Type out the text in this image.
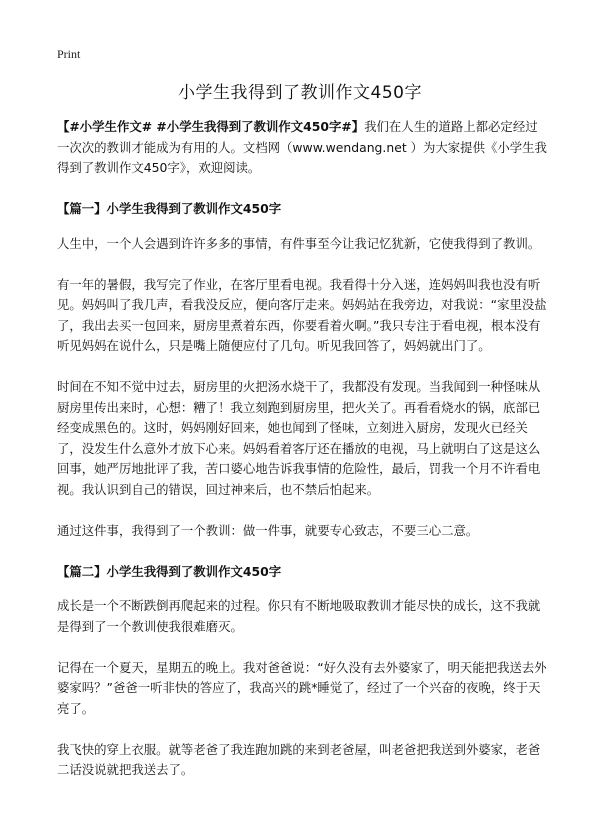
Print
小学生我得到了教训作文450字

【#小学生作文# #小学生我得到了教训作文450字#】我们在人生的道路上都必定经过一次次的教训才能成为有用的人。文档网（www.wendang.net ）为大家提供《小学生我得到了教训作文450字》，欢迎阅读。

【篇一】小学生我得到了教训作文450字

人生中，一个人会遇到许许多多的事情，有件事至今让我记忆犹新，它使我得到了教训。

有一年的暑假，我写完了作业，在客厅里看电视。我看得十分入迷，连妈妈叫我也没有听见。妈妈叫了我几声，看我没反应，便向客厅走来。妈妈站在我旁边，对我说：“家里没盐了，我出去买一包回来，厨房里煮着东西，你要看着火啊。”我只专注于看电视，根本没有听见妈妈在说什么，只是嘴上随便应付了几句。听见我回答了，妈妈就出门了。

时间在不知不觉中过去，厨房里的火把汤水烧干了，我都没有发现。当我闻到一种怪味从厨房里传出来时，心想：糟了！我立刻跑到厨房里，把火关了。再看看烧水的锅，底部已经变成黑色的。这时，妈妈刚好回来，她也闻到了怪味，立刻进入厨房，发现火已经关了，没发生什么意外才放下心来。妈妈看着客厅还在播放的电视，马上就明白了这是这么回事，她严厉地批评了我，苦口婆心地告诉我事情的危险性，最后，罚我一个月不许看电视。我认识到自己的错误，回过神来后，也不禁后怕起来。

通过这件事，我得到了一个教训：做一件事，就要专心致志，不要三心二意。

【篇二】小学生我得到了教训作文450字

成长是一个不断跌倒再爬起来的过程。你只有不断地吸取教训才能尽快的成长，这不我就是得到了一个教训使我很难磨灭。

记得在一个夏天，星期五的晚上。我对爸爸说：“好久没有去外婆家了，明天能把我送去外婆家吗？”爸爸一听非快的答应了，我高兴的跳*睡觉了，经过了一个兴奋的夜晚，终于天亮了。

我飞快的穿上衣服。就等老爸了我连跑加跳的来到老爸屋，叫老爸把我送到外婆家，老爸二话没说就把我送去了。
